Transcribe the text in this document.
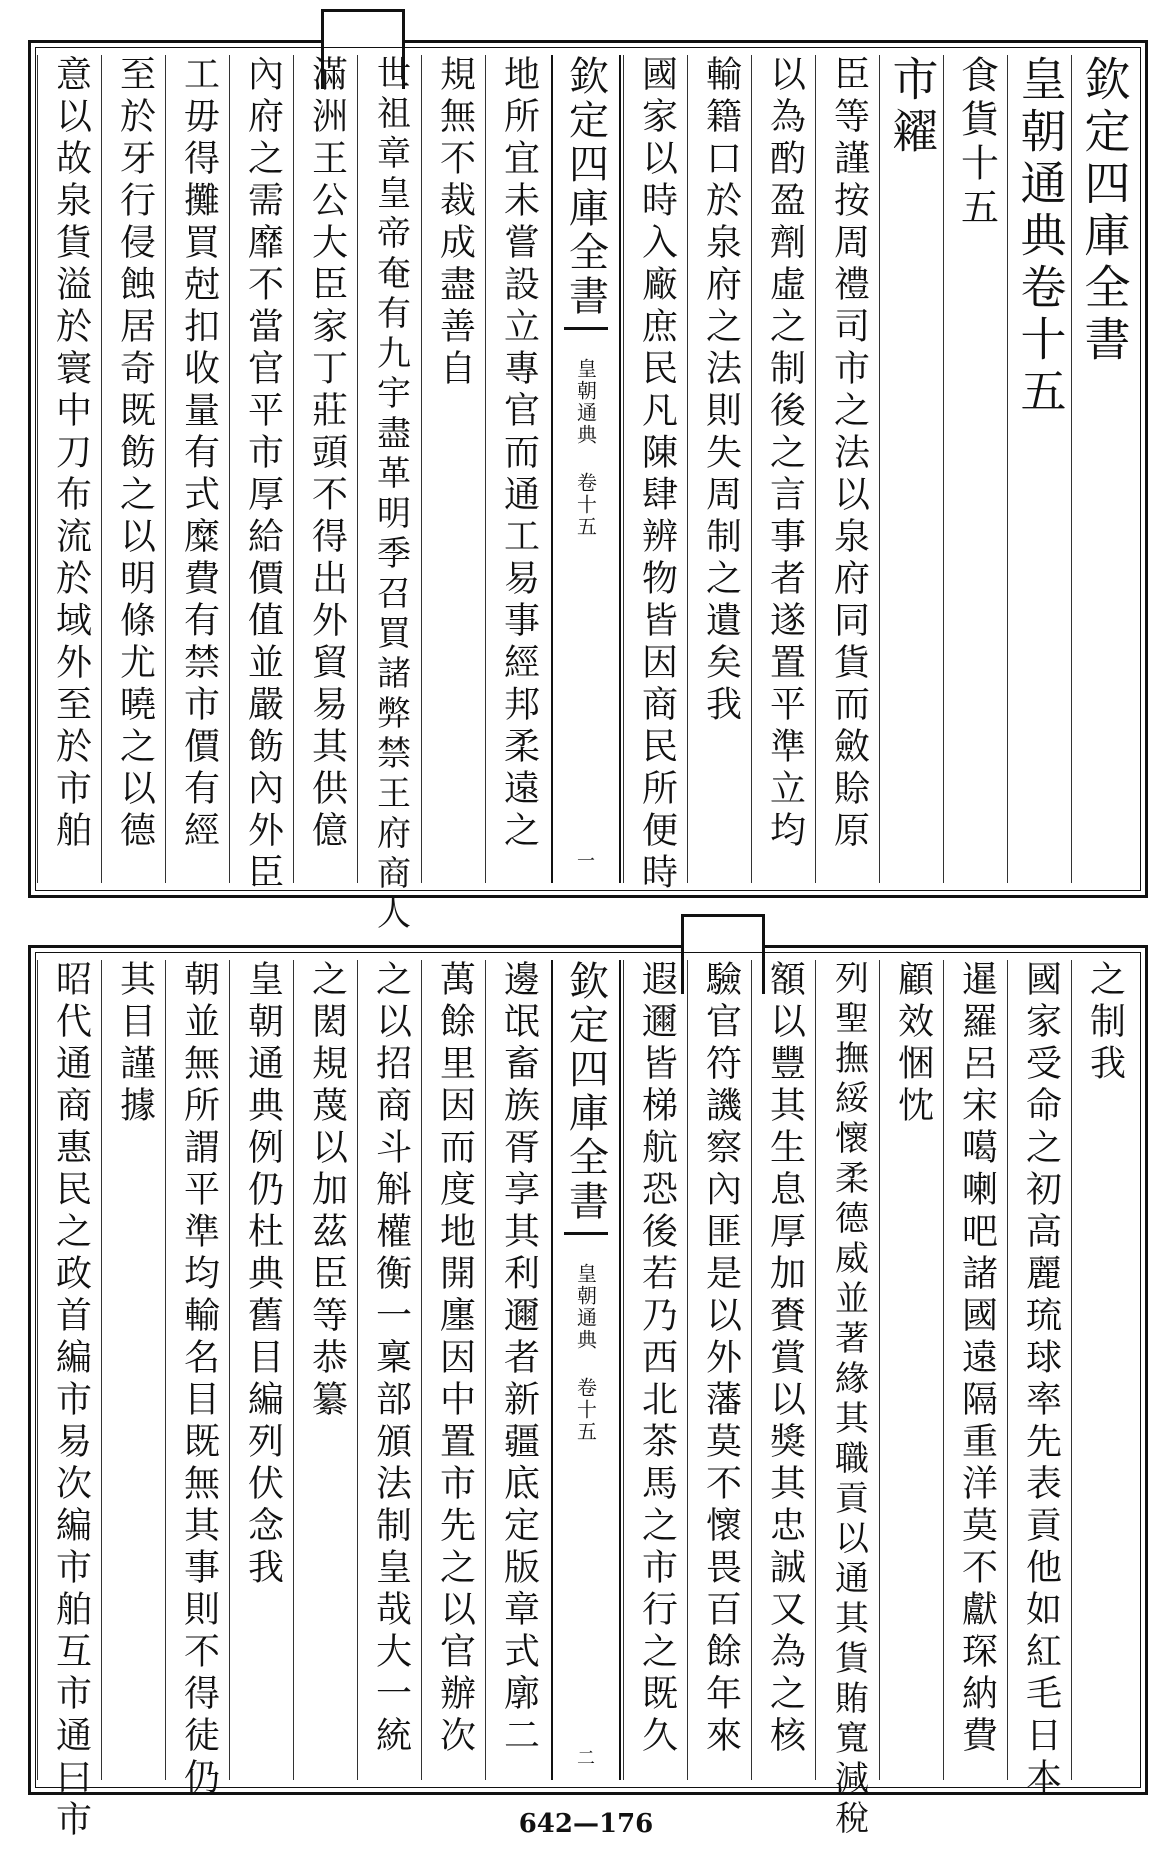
欽定四庫全書
皇朝通典卷十五
食貨十五
市糴
臣等謹按周禮司市之法以泉府同貨而斂賒原
以為酌盈劑虛之制後之言事者遂置平準立均
輸籍口於泉府之法則失周制之遺矣我
國家以時入廠庶民凡陳肆辨物皆因商民所便時
欽定四庫全書
皇朝通典 卷十五
一
地所宜未嘗設立專官而通工易事經邦柔遠之
規無不裁成盡善自
世祖章皇帝奄有九宇盡革明季召買諸弊禁王府商人
滿洲王公大臣家丁莊頭不得出外貿易其供億
內府之需靡不當官平市厚給價值並嚴飭內外臣
工毋得攤買尅扣收量有式糜費有禁市價有經
至於牙行侵蝕居奇既飭之以明條尤曉之以德
意以故泉貨溢於寰中刀布流於域外至於市舶
之制我
國家受命之初高麗琉球率先表貢他如紅毛日本
暹羅呂宋噶喇吧諸國遠隔重洋莫不獻琛納費
顧效悃忱
列聖撫綏懷柔德威並著緣其職貢以通其貨賄寬減稅
額以豐其生息厚加賚賞以獎其忠誠又為之核
驗官符譏察內匪是以外藩莫不懷畏百餘年來
遐邇皆梯航恐後若乃西北茶馬之市行之既久
欽定四庫全書
皇朝通典 卷十五
二
邊氓畜族胥享其利邇者新疆底定版章式廓二
萬餘里因而度地開廛因中置市先之以官辦次
之以招商斗斛權衡一稟部頒法制皇哉大一統
之閎規蔑以加茲臣等恭纂
皇朝通典例仍杜典舊目編列伏念我
朝並無所謂平準均輸名目既無其事則不得徒仍
其目謹據
昭代通商惠民之政首編市易次編市舶互市通曰市	642—176
